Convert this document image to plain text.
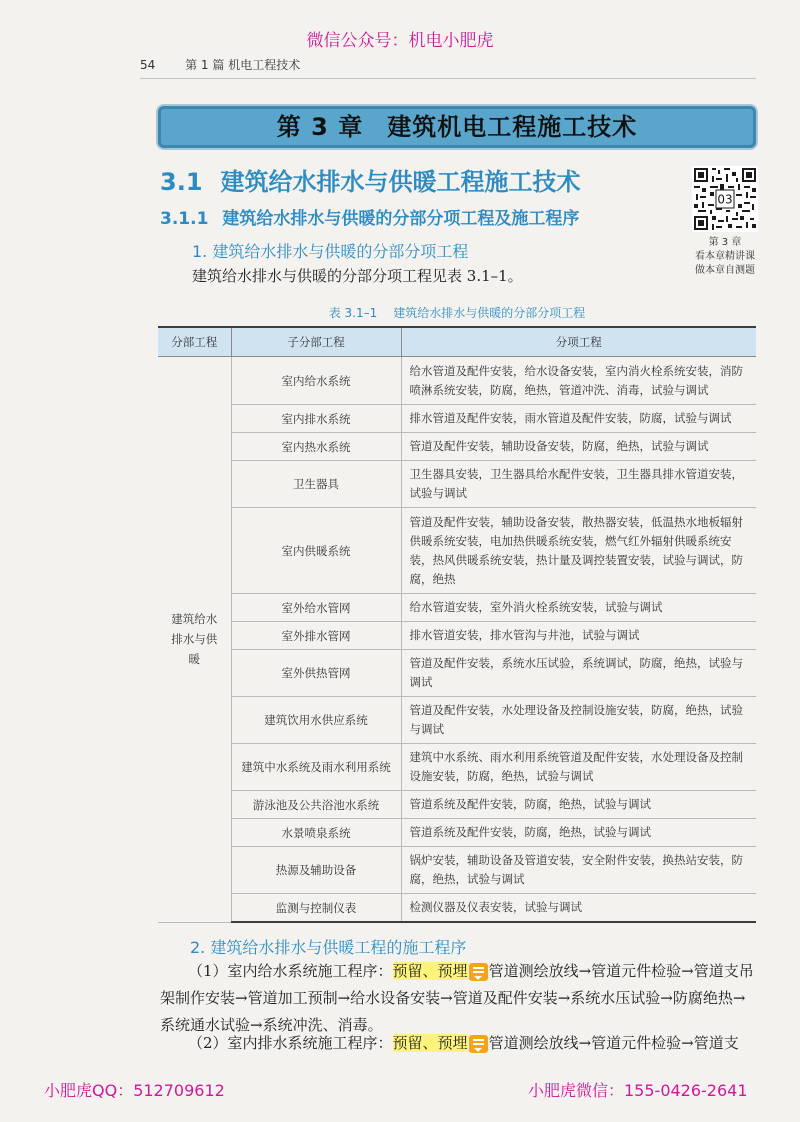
微信公众号：机电小肥虎
54 第 1 篇 机电工程技术
第 3 章 建筑机电工程施工技术
3.1 建筑给水排水与供暖工程施工技术
3.1.1 建筑给水排水与供暖的分部分项工程及施工程序
03
第 3 章
看本章精讲课
做本章自测题
1. 建筑给水排水与供暖的分部分项工程
建筑给水排水与供暖的分部分项工程见表 3.1–1。
表 3.1–1 建筑给水排水与供暖的分部分项工程
分部工程	子分部工程	分项工程

建筑给水排水与供暖	室内给水系统	给水管道及配件安装，给水设备安装，室内消火栓系统安装，消防喷淋系统安装，防腐，绝热，管道冲洗、消毒，试验与调试
	室内排水系统	排水管道及配件安装，雨水管道及配件安装，防腐，试验与调试
	室内热水系统	管道及配件安装，辅助设备安装，防腐，绝热，试验与调试
	卫生器具	卫生器具安装，卫生器具给水配件安装，卫生器具排水管道安装，试验与调试
	室内供暖系统	管道及配件安装，辅助设备安装，散热器安装，低温热水地板辐射供暖系统安装，电加热供暖系统安装，燃气红外辐射供暖系统安装，热风供暖系统安装，热计量及调控装置安装，试验与调试，防腐，绝热
	室外给水管网	给水管道安装，室外消火栓系统安装，试验与调试
	室外排水管网	排水管道安装，排水管沟与井池，试验与调试
	室外供热管网	管道及配件安装，系统水压试验，系统调试，防腐，绝热，试验与调试
	建筑饮用水供应系统	管道及配件安装，水处理设备及控制设施安装，防腐，绝热，试验与调试
	建筑中水系统及雨水利用系统	建筑中水系统、雨水利用系统管道及配件安装，水处理设备及控制设施安装，防腐，绝热，试验与调试
	游泳池及公共浴池水系统	管道系统及配件安装，防腐，绝热，试验与调试
	水景喷泉系统	管道系统及配件安装，防腐，绝热，试验与调试
	热源及辅助设备	锅炉安装，辅助设备及管道安装，安全附件安装，换热站安装，防腐，绝热，试验与调试
	监测与控制仪表	检测仪器及仪表安装，试验与调试
2. 建筑给水排水与供暖工程的施工程序
（1）室内给水系统施工程序：预留、预埋 管道测绘放线→管道元件检验→管道支吊架制作安装→管道加工预制→给水设备安装→管道及配件安装→系统水压试验→防腐绝热→系统通水试验→系统冲洗、消毒。
（2）室内排水系统施工程序：预留、预埋 管道测绘放线→管道元件检验→管道支
小肥虎QQ：512709612	小肥虎微信：155-0426-2641
